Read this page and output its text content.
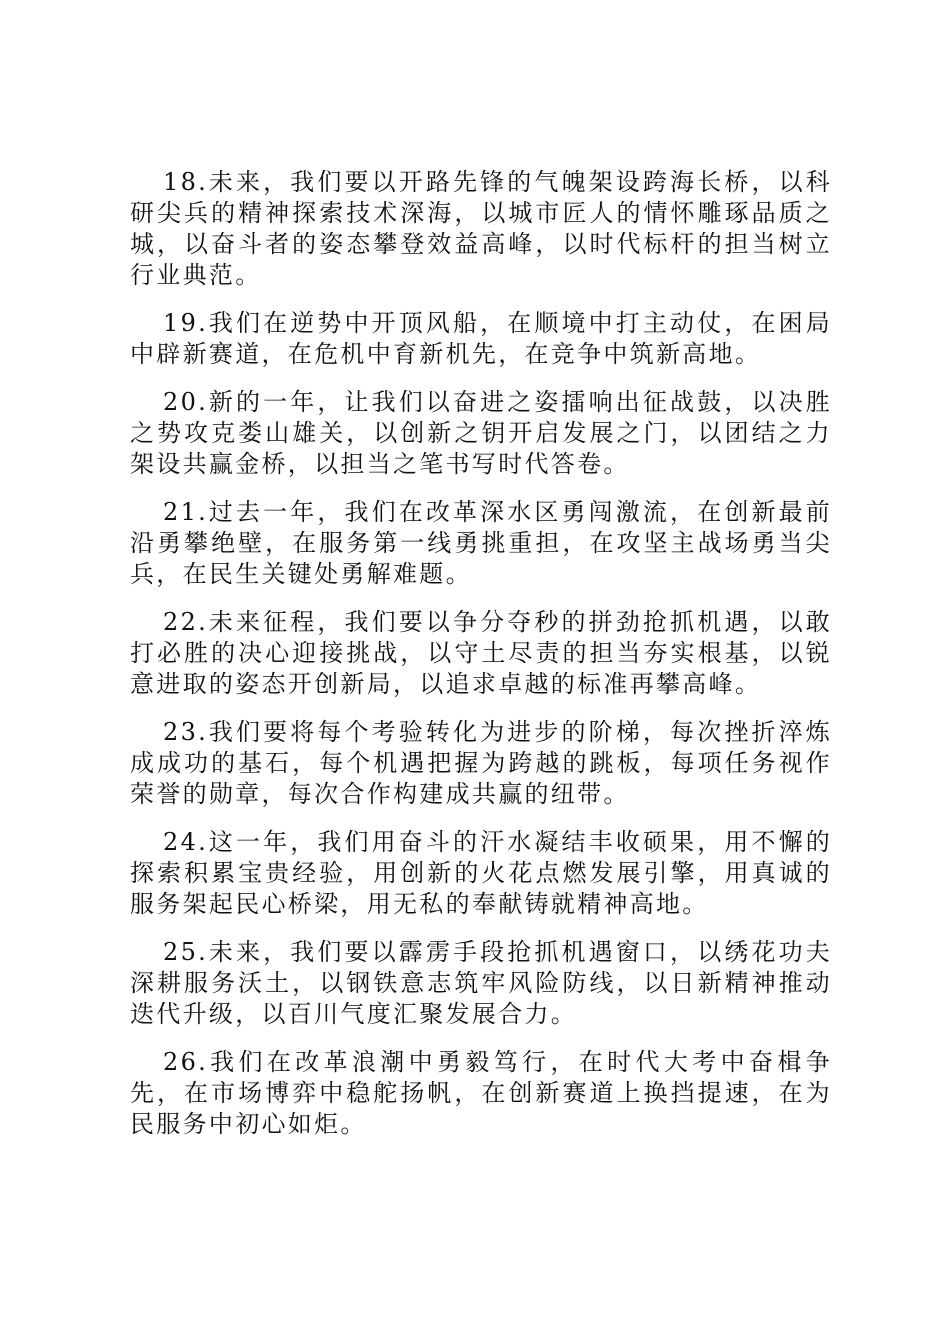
18.未来，我们要以开路先锋的气魄架设跨海长桥，以科研尖兵的精神探索技术深海，以城市匠人的情怀雕琢品质之城，以奋斗者的姿态攀登效益高峰，以时代标杆的担当树立行业典范。

19.我们在逆势中开顶风船，在顺境中打主动仗，在困局中辟新赛道，在危机中育新机先，在竞争中筑新高地。

20.新的一年，让我们以奋进之姿擂响出征战鼓，以决胜之势攻克娄山雄关，以创新之钥开启发展之门，以团结之力架设共赢金桥，以担当之笔书写时代答卷。

21.过去一年，我们在改革深水区勇闯激流，在创新最前沿勇攀绝壁，在服务第一线勇挑重担，在攻坚主战场勇当尖兵，在民生关键处勇解难题。

22.未来征程，我们要以争分夺秒的拼劲抢抓机遇，以敢打必胜的决心迎接挑战，以守土尽责的担当夯实根基，以锐意进取的姿态开创新局，以追求卓越的标准再攀高峰。

23.我们要将每个考验转化为进步的阶梯，每次挫折淬炼成成功的基石，每个机遇把握为跨越的跳板，每项任务视作荣誉的勋章，每次合作构建成共赢的纽带。

24.这一年，我们用奋斗的汗水凝结丰收硕果，用不懈的探索积累宝贵经验，用创新的火花点燃发展引擎，用真诚的服务架起民心桥梁，用无私的奉献铸就精神高地。

25.未来，我们要以霹雳手段抢抓机遇窗口，以绣花功夫深耕服务沃土，以钢铁意志筑牢风险防线，以日新精神推动迭代升级，以百川气度汇聚发展合力。

26.我们在改革浪潮中勇毅笃行，在时代大考中奋楫争先，在市场博弈中稳舵扬帆，在创新赛道上换挡提速，在为民服务中初心如炬。
